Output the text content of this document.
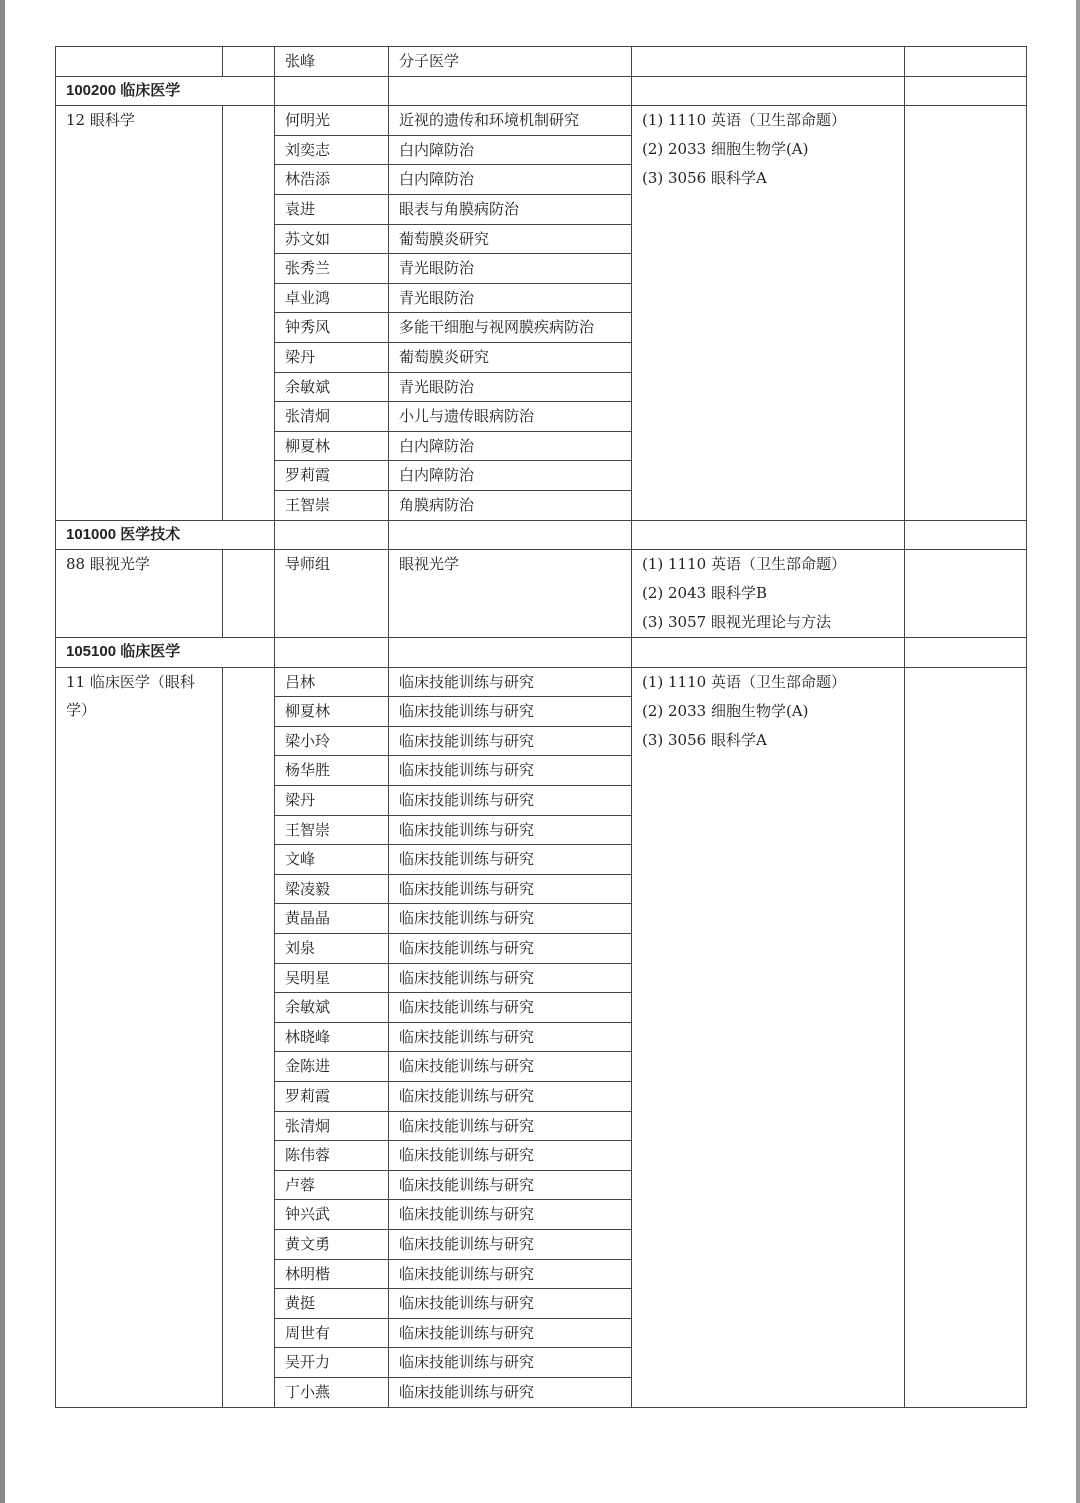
		张峰	分子医学		
100200 临床医学					
12 眼科学		何明光	近视的遗传和环境机制研究	(1) 1110 英语（卫生部命题）
(2) 2033 细胞生物学(A)
(3) 3056 眼科学A	

		刘奕志	白内障防治		
		林浩添	白内障防治		
		袁进	眼表与角膜病防治		
		苏文如	葡萄膜炎研究		
		张秀兰	青光眼防治		
		卓业鸿	青光眼防治		
		钟秀风	多能干细胞与视网膜疾病防治		
		梁丹	葡萄膜炎研究		
		余敏斌	青光眼防治		
		张清炯	小儿与遗传眼病防治		
		柳夏林	白内障防治		
		罗莉霞	白内障防治		
		王智崇	角膜病防治		
101000 医学技术					
88 眼视光学		导师组	眼视光学	(1) 1110 英语（卫生部命题）
(2) 2043 眼科学B
(3) 3057 眼视光理论与方法	

105100 临床医学					
11 临床医学（眼科学）		吕林	临床技能训练与研究	(1) 1110 英语（卫生部命题）
(2) 2033 细胞生物学(A)
(3) 3056 眼科学A	

		柳夏林	临床技能训练与研究		
		梁小玲	临床技能训练与研究		
		杨华胜	临床技能训练与研究		
		梁丹	临床技能训练与研究		
		王智崇	临床技能训练与研究		
		文峰	临床技能训练与研究		
		梁凌毅	临床技能训练与研究		
		黄晶晶	临床技能训练与研究		
		刘泉	临床技能训练与研究		
		吴明星	临床技能训练与研究		
		余敏斌	临床技能训练与研究		
		林晓峰	临床技能训练与研究		
		金陈进	临床技能训练与研究		
		罗莉霞	临床技能训练与研究		
		张清炯	临床技能训练与研究		
		陈伟蓉	临床技能训练与研究		
		卢蓉	临床技能训练与研究		
		钟兴武	临床技能训练与研究		
		黄文勇	临床技能训练与研究		
		林明楷	临床技能训练与研究		
		黄挺	临床技能训练与研究		
		周世有	临床技能训练与研究		
		吴开力	临床技能训练与研究		
		丁小燕	临床技能训练与研究		
